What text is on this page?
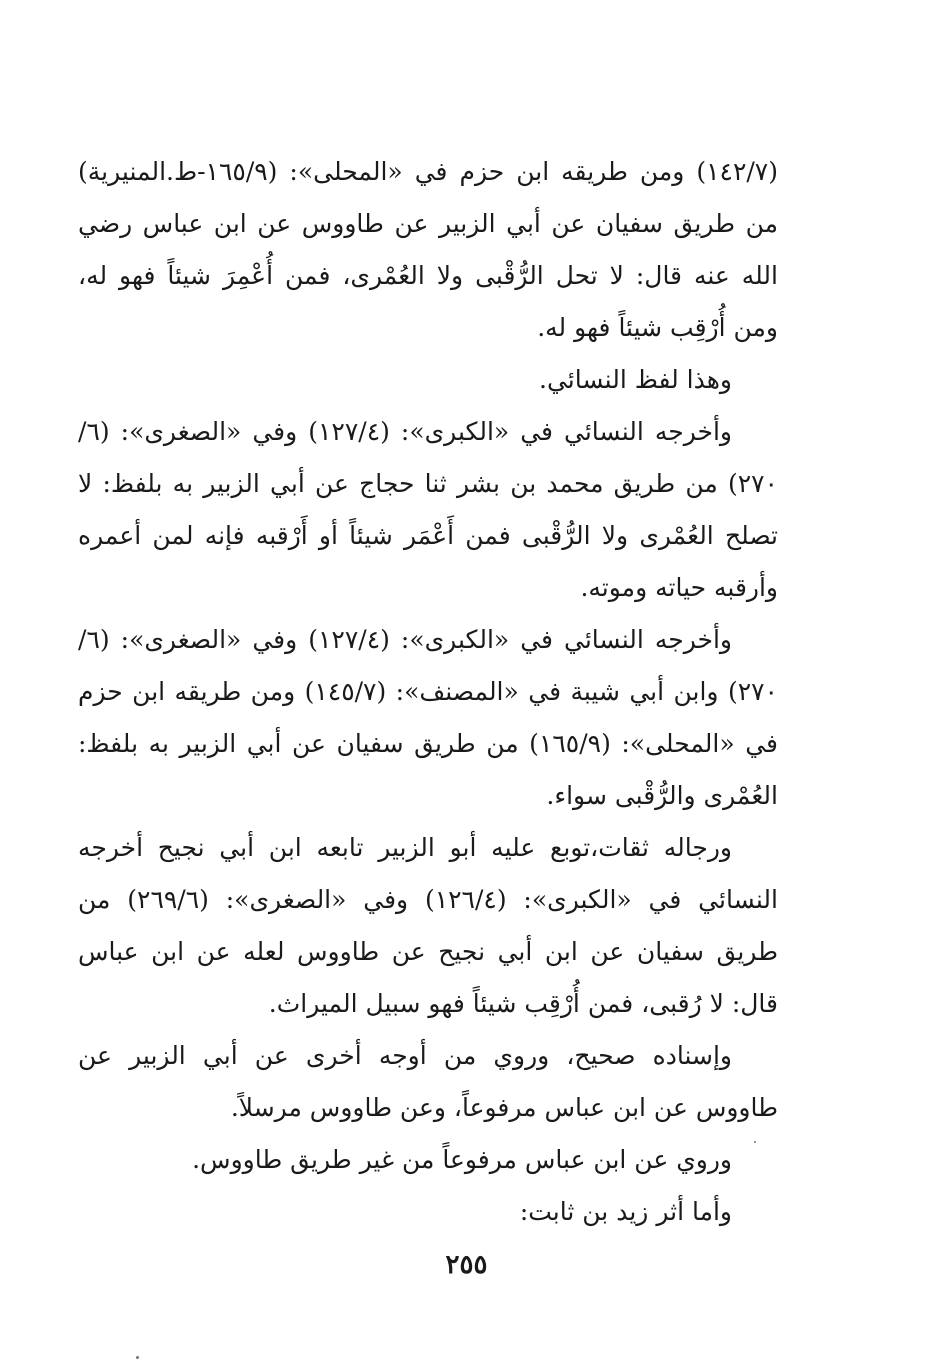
(١٤٢/٧) ومن طريقه ابن حزم في «المحلى»: (١٦٥/٩-ط.المنيرية) من طريق سفيان عن أبي الزبير عن طاووس عن ابن عباس رضي الله عنه قال: لا تحل الرُّقْبى ولا العُمْرى، فمن أُعْمِرَ شيئاً فهو له، ومن أُرْقِب شيئاً فهو له.

وهذا لفظ النسائي.

وأخرجه النسائي في «الكبرى»: (١٢٧/٤) وفي «الصغرى»: (٦/ ٢٧٠) من طريق محمد بن بشر ثنا حجاج عن أبي الزبير به بلفظ: لا تصلح العُمْرى ولا الرُّقْبى فمن أَعْمَر شيئاً أو أَرْقبه فإنه لمن أعمره وأرقبه حياته وموته.

وأخرجه النسائي في «الكبرى»: (١٢٧/٤) وفي «الصغرى»: (٦/ ٢٧٠) وابن أبي شيبة في «المصنف»: (١٤٥/٧) ومن طريقه ابن حزم في «المحلى»: (١٦٥/٩) من طريق سفيان عن أبي الزبير به بلفظ: العُمْرى والرُّقْبى سواء.

ورجاله ثقات،توبع عليه أبو الزبير تابعه ابن أبي نجيح أخرجه النسائي في «الكبرى»: (١٢٦/٤) وفي «الصغرى»: (٢٦٩/٦) من طريق سفيان عن ابن أبي نجيح عن طاووس لعله عن ابن عباس قال: لا رُقبى، فمن أُرْقِب شيئاً فهو سبيل الميراث.

وإسناده صحيح، وروي من أوجه أخرى عن أبي الزبير عن طاووس عن ابن عباس مرفوعاً، وعن طاووس مرسلاً.

وروي عن ابن عباس مرفوعاً من غير طريق طاووس.

وأما أثر زيد بن ثابت:

٢٥٥
